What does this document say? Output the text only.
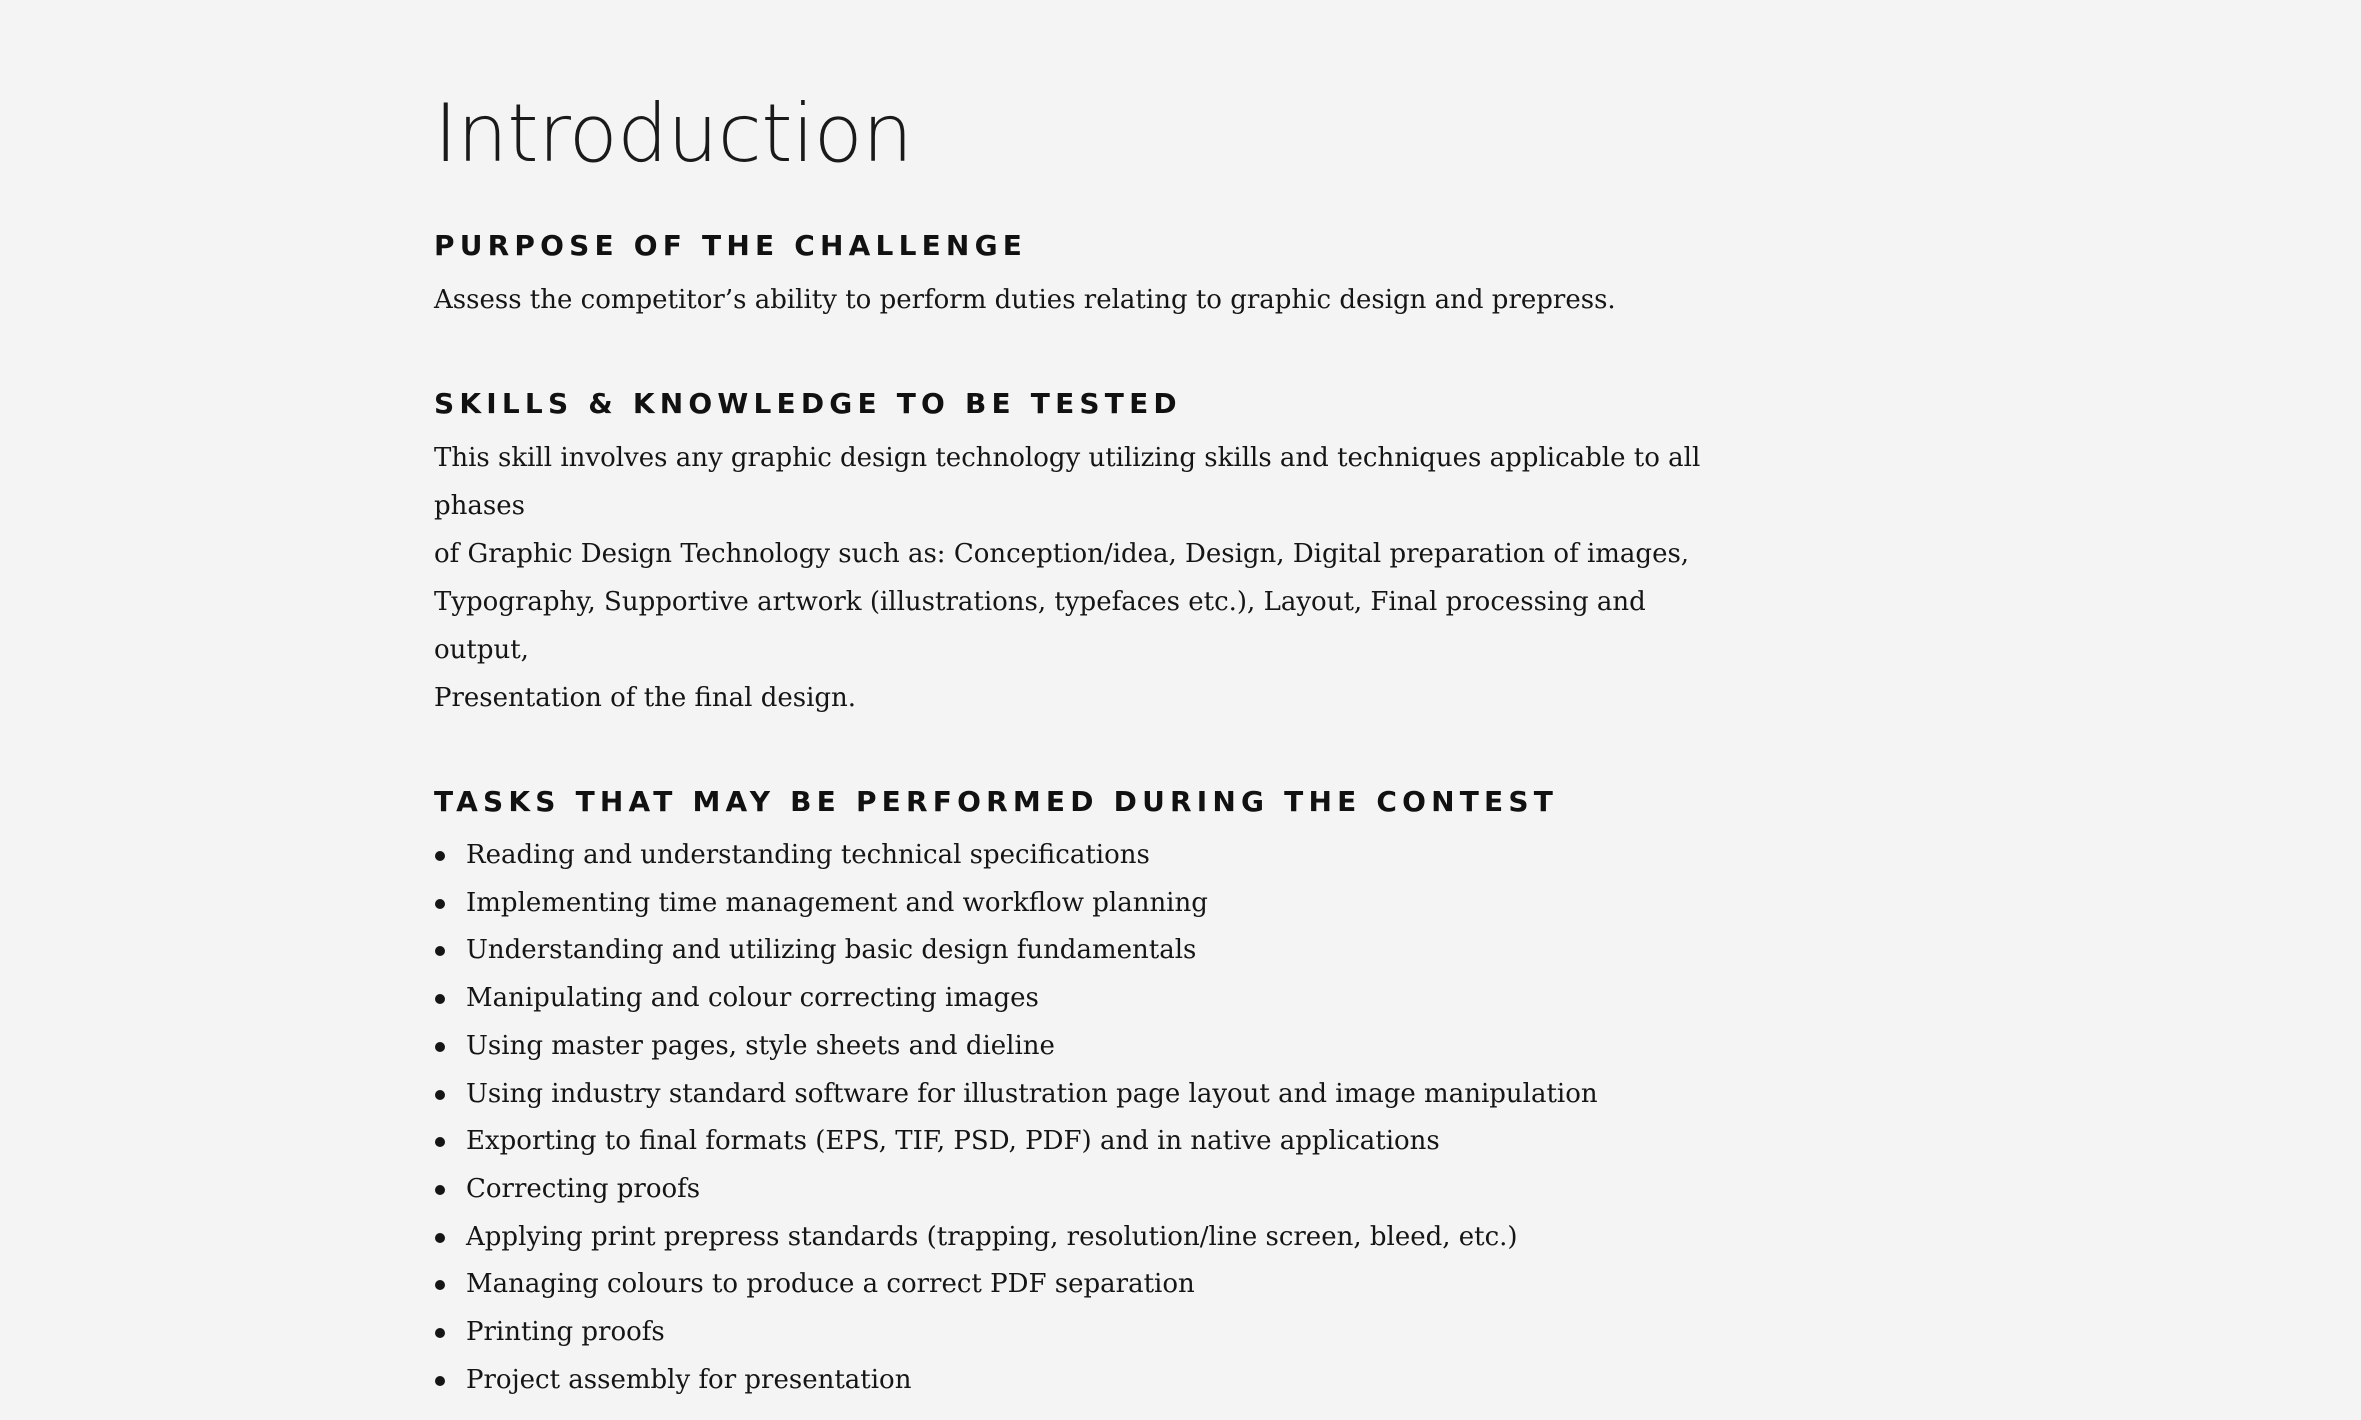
Introduction
PURPOSE OF THE CHALLENGE

Assess the competitor’s ability to perform duties relating to graphic design and prepress.

SKILLS & KNOWLEDGE TO BE TESTED

This skill involves any graphic design technology utilizing skills and techniques applicable to all phases
of Graphic Design Technology such as: Conception/idea, Design, Digital preparation of images,
Typography, Supportive artwork (illustrations, typefaces etc.), Layout, Final processing and output,
Presentation of the final design.

TASKS THAT MAY BE PERFORMED DURING THE CONTEST
Reading and understanding technical specifications
Implementing time management and workflow planning
Understanding and utilizing basic design fundamentals
Manipulating and colour correcting images
Using master pages, style sheets and dieline
Using industry standard software for illustration page layout and image manipulation
Exporting to final formats (EPS, TIF, PSD, PDF) and in native applications
Correcting proofs
Applying print prepress standards (trapping, resolution/line screen, bleed, etc.)
Managing colours to produce a correct PDF separation
Printing proofs
Project assembly for presentation
